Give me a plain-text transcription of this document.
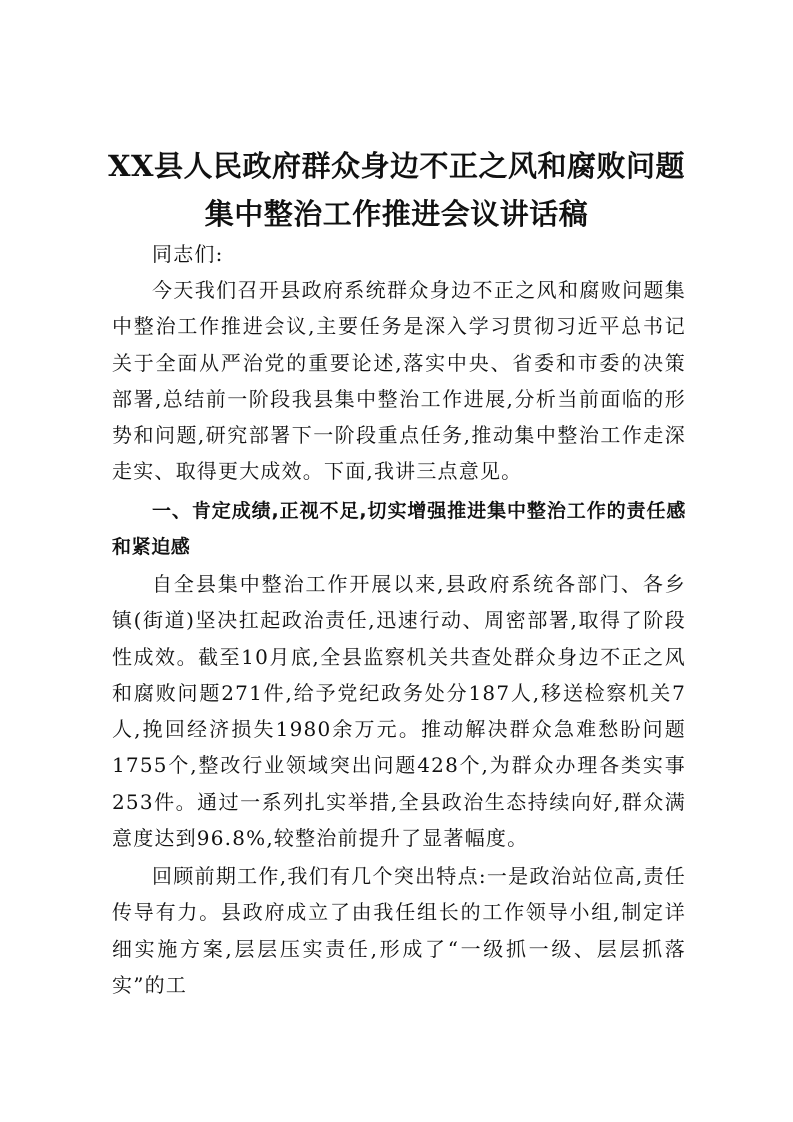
XX县人民政府群众身边不正之风和腐败问题
集中整治工作推进会议讲话稿

同志们:

今天我们召开县政府系统群众身边不正之风和腐败问题集中整治工作推进会议,主要任务是深入学习贯彻习近平总书记关于全面从严治党的重要论述,落实中央、省委和市委的决策部署,总结前一阶段我县集中整治工作进展,分析当前面临的形势和问题,研究部署下一阶段重点任务,推动集中整治工作走深走实、取得更大成效。下面,我讲三点意见。

一、肯定成绩,正视不足,切实增强推进集中整治工作的责任感和紧迫感

自全县集中整治工作开展以来,县政府系统各部门、各乡镇(街道)坚决扛起政治责任,迅速行动、周密部署,取得了阶段性成效。截至10月底,全县监察机关共查处群众身边不正之风和腐败问题271件,给予党纪政务处分187人,移送检察机关7人,挽回经济损失1980余万元。推动解决群众急难愁盼问题1755个,整改行业领域突出问题428个,为群众办理各类实事253件。通过一系列扎实举措,全县政治生态持续向好,群众满意度达到96.8%,较整治前提升了显著幅度。

回顾前期工作,我们有几个突出特点:一是政治站位高,责任传导有力。县政府成立了由我任组长的工作领导小组,制定详细实施方案,层层压实责任,形成了“一级抓一级、层层抓落实”的工
